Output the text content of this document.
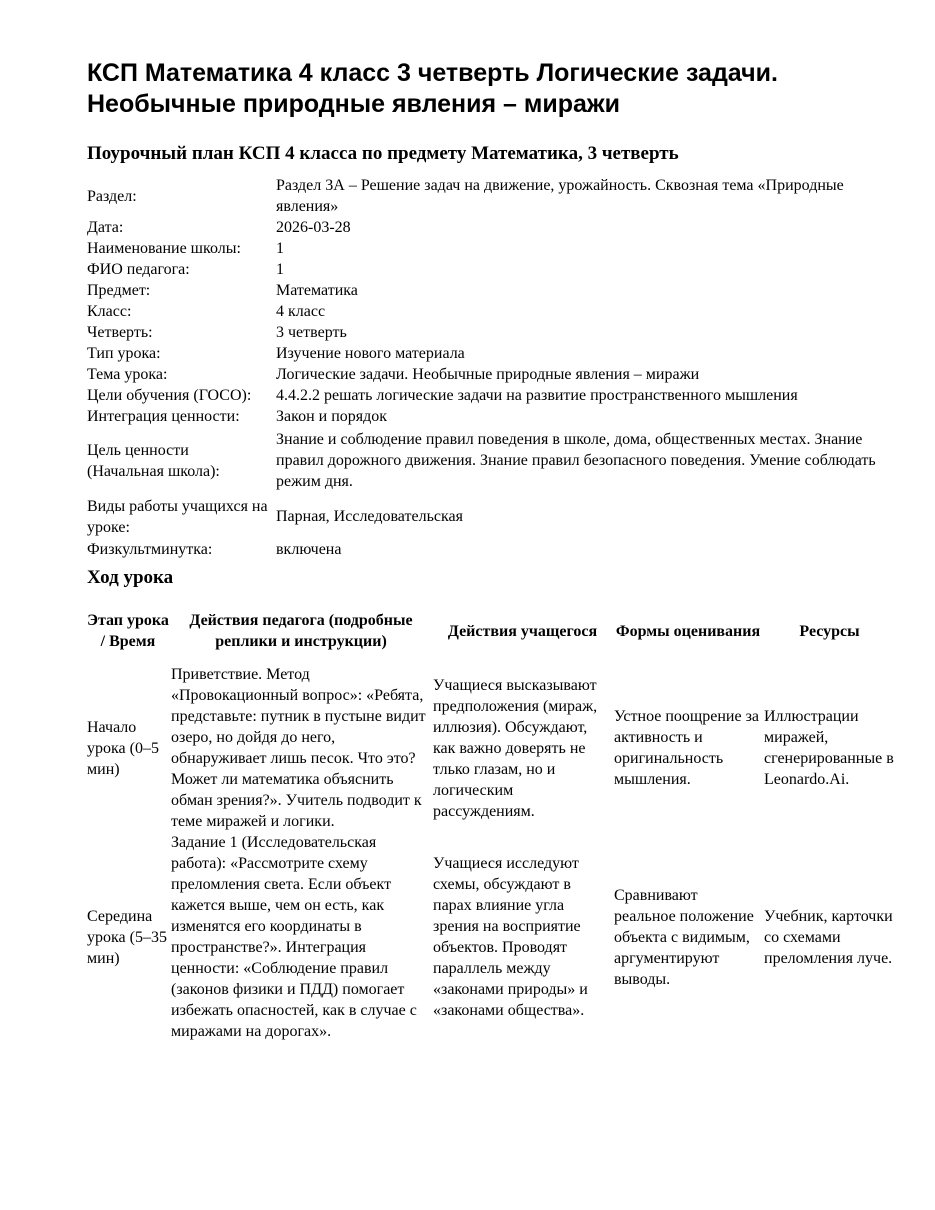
КСП Математика 4 класс 3 четверть Логические задачи. Необычные природные явления – миражи
Поурочный план КСП 4 класса по предмету Математика, 3 четверть
Раздел:	Раздел 3А – Решение задач на движение, урожайность. Сквозная тема «Природные явления»
Дата:	2026-03-28
Наименование школы:	1
ФИО педагога:	1
Предмет:	Математика
Класс:	4 класс
Четверть:	3 четверть
Тип урока:	Изучение нового материала
Тема урока:	Логические задачи. Необычные природные явления – миражи
Цели обучения (ГОСО):	4.4.2.2 решать логические задачи на развитие пространственного мышления
Интеграция ценности:	Закон и порядок

Цель ценности (Начальная школа):	Знание и соблюдение правил поведения в школе, дома, общественных местах. Знание правил дорожного движения. Знание правил безопасного поведения. Умение соблюдать режим дня.

Виды работы учащихся на уроке:	Парная, Исследовательская
Физкультминутка:	включена
Ход урока
Этап урока / Время	Действия педагога (подробные реплики и инструкции)	Действия учащегося	Формы оценивания	Ресурсы
Начало урока (0–5 мин)	Приветствие. Метод «Провокационный вопрос»: «Ребята, представьте: путник в пустыне видит озеро, но дойдя до него, обнаруживает лишь песок. Что это? Может ли математика объяснить обман зрения?». Учитель подводит к теме миражей и логики.	Учащиеся высказывают предположения (мираж, иллюзия). Обсуждают, как важно доверять не тлько глазам, но и логическим рассуждениям.	Устное поощрение за активность и оригинальность мышления.	Иллюстрации миражей, сгенерированные в Leonardo.Ai.
Середина урока (5–35 мин)	Задание 1 (Исследовательская работа): «Рассмотрите схему преломления света. Если объект кажется выше, чем он есть, как изменятся его координаты в пространстве?». Интеграция ценности: «Соблюдение правил (законов физики и ПДД) помогает избежать опасностей, как в случае с миражами на дорогах».	Учащиеся исследуют схемы, обсуждают в парах влияние угла зрения на восприятие объектов. Проводят параллель между «законами природы» и «законами общества».	Сравнивают реальное положение объекта с видимым, аргументируют выводы.	Учебник, карточки со схемами преломления луче.
